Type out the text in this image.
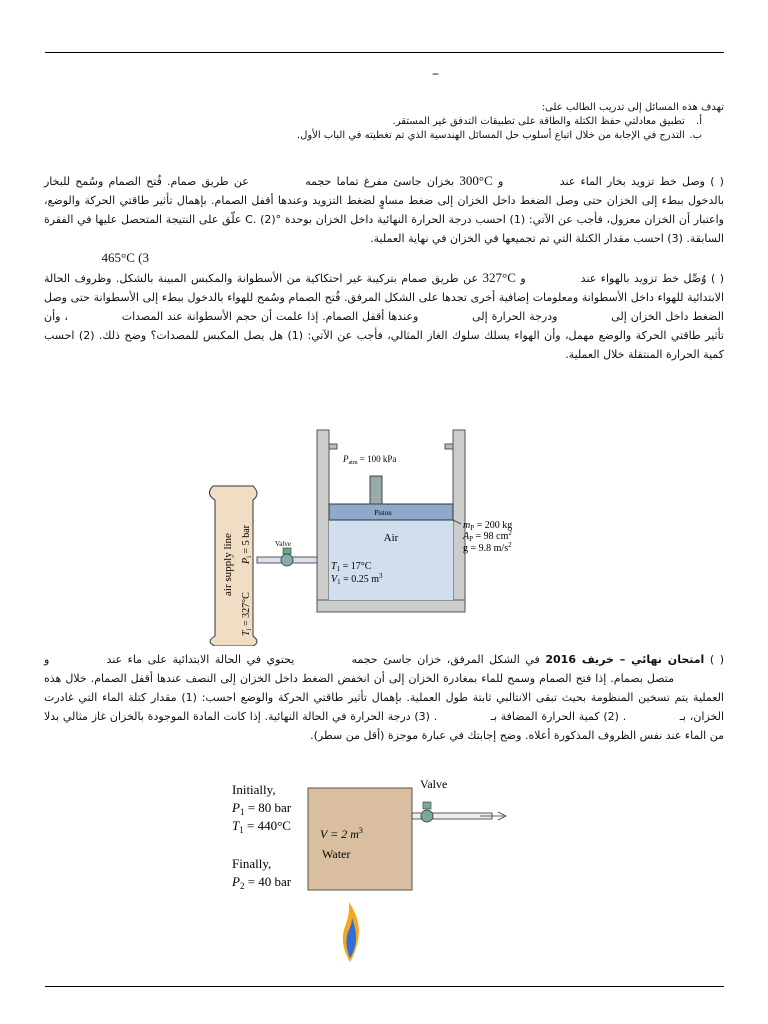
–
تهدف هذه المسائل إلى تدريب الطالب على:
أ. تطبيق معادلتي حفظ الكتلة والطاقة على تطبيقات التدفق غير المستقر.
ب. التدرج في الإجابة من خلال اتباع أسلوب حل المسائل الهندسية الذي تم تغطيته في الباب الأول.
( ) وصل خط تزويد بخار الماء عند  و 300°C بخزان جاسئ مفرغ تماما حجمه  عن طريق صمام. فُتح الصمام وسُمح للبخار بالدخول ببطء إلى الخزان حتى وصل الضغط داخل الخزان إلى ضغط مساوٍ لضغط التزويد وعندها أقفل الصمام. بإهمال تأثير طاقتي الحركة والوضع، واعتبار أن الخزان معزول، فأجب عن الآتي: (1) احسب درجة الحرارة النهائية داخل الخزان بوحدة °C. (2) علّق على النتيجة المتحصل عليها في الفقرة السابقة. (3) احسب مقدار الكتلة التي تم تجميعها في الخزان في نهاية العملية.
465°C (3
( ) وُصِّل خط تزويد بالهواء عند  و 327°C عن طريق صمام بتركيبة غير احتكاكية من الأسطوانة والمكبس المبينة بالشكل. وظروف الحالة الابتدائية للهواء داخل الأسطوانة ومعلومات إضافية أخرى تجدها على الشكل المرفق. فُتح الصمام وسُمح للهواء بالدخول ببطء إلى الأسطوانة حتى وصل الضغط داخل الخزان إلى  ودرجة الحرارة إلى  وعندها أقفل الصمام. إذا علمت أن حجم الأسطوانة عند المصدات  ، وأن تأثير طاقتي الحركة والوضع مهمل، وأن الهواء يسلك سلوك الغاز المثالي، فأجب عن الآتي: (1) هل يصل المكبس للمصدات؟ وضح ذلك. (2) احسب كمية الحرارة المنتقلة خلال العملية.
$P_{atm} = 100$ kPa
Piston
Air
$T_1 = 17^\circ C$
$V_1 = 0.25$ $m^3$
$m_P = 200$ kg
$A_P = 98$ $cm^2$
g = 9.8 $m/s^2$
air supply line $P_i = 5$ bar
$T_i = 327^\circ C$
Valve
( ) امتحان نهائي – خريف 2016 في الشكل المرفق، خزان جاسئ حجمه  يحتوي في الحالة الابتدائية على ماء عند  و  متصل بصمام. إذا فتح الصمام وسمح للماء بمغادرة الخزان إلى أن انخفض الضغط داخل الخزان إلى النصف عندها أقفل الصمام. خلال هذه العملية يتم تسخين المنظومة بحيث تبقى الانتالبي ثابتة طول العملية. بإهمال تأثير طاقتي الحركة والوضع احسب: (1) مقدار كتلة الماء التي غادرت الخزان، بـ  . (2) كمية الحرارة المضافة بـ  . (3) درجة الحرارة في الحالة النهائية. إذا كانت المادة الموجودة بالخزان غاز مثالي بدلا من الماء عند نفس الظروف المذكورة أعلاه. وضح إجابتك في عبارة موجزة (أقل من سطر).
Initially,
$P_1 = 80$ bar
$T_1 = 440^\circ C$
Finally,
$P_2 = 40$ bar
V = 2 $m^3$
Water
Valve
